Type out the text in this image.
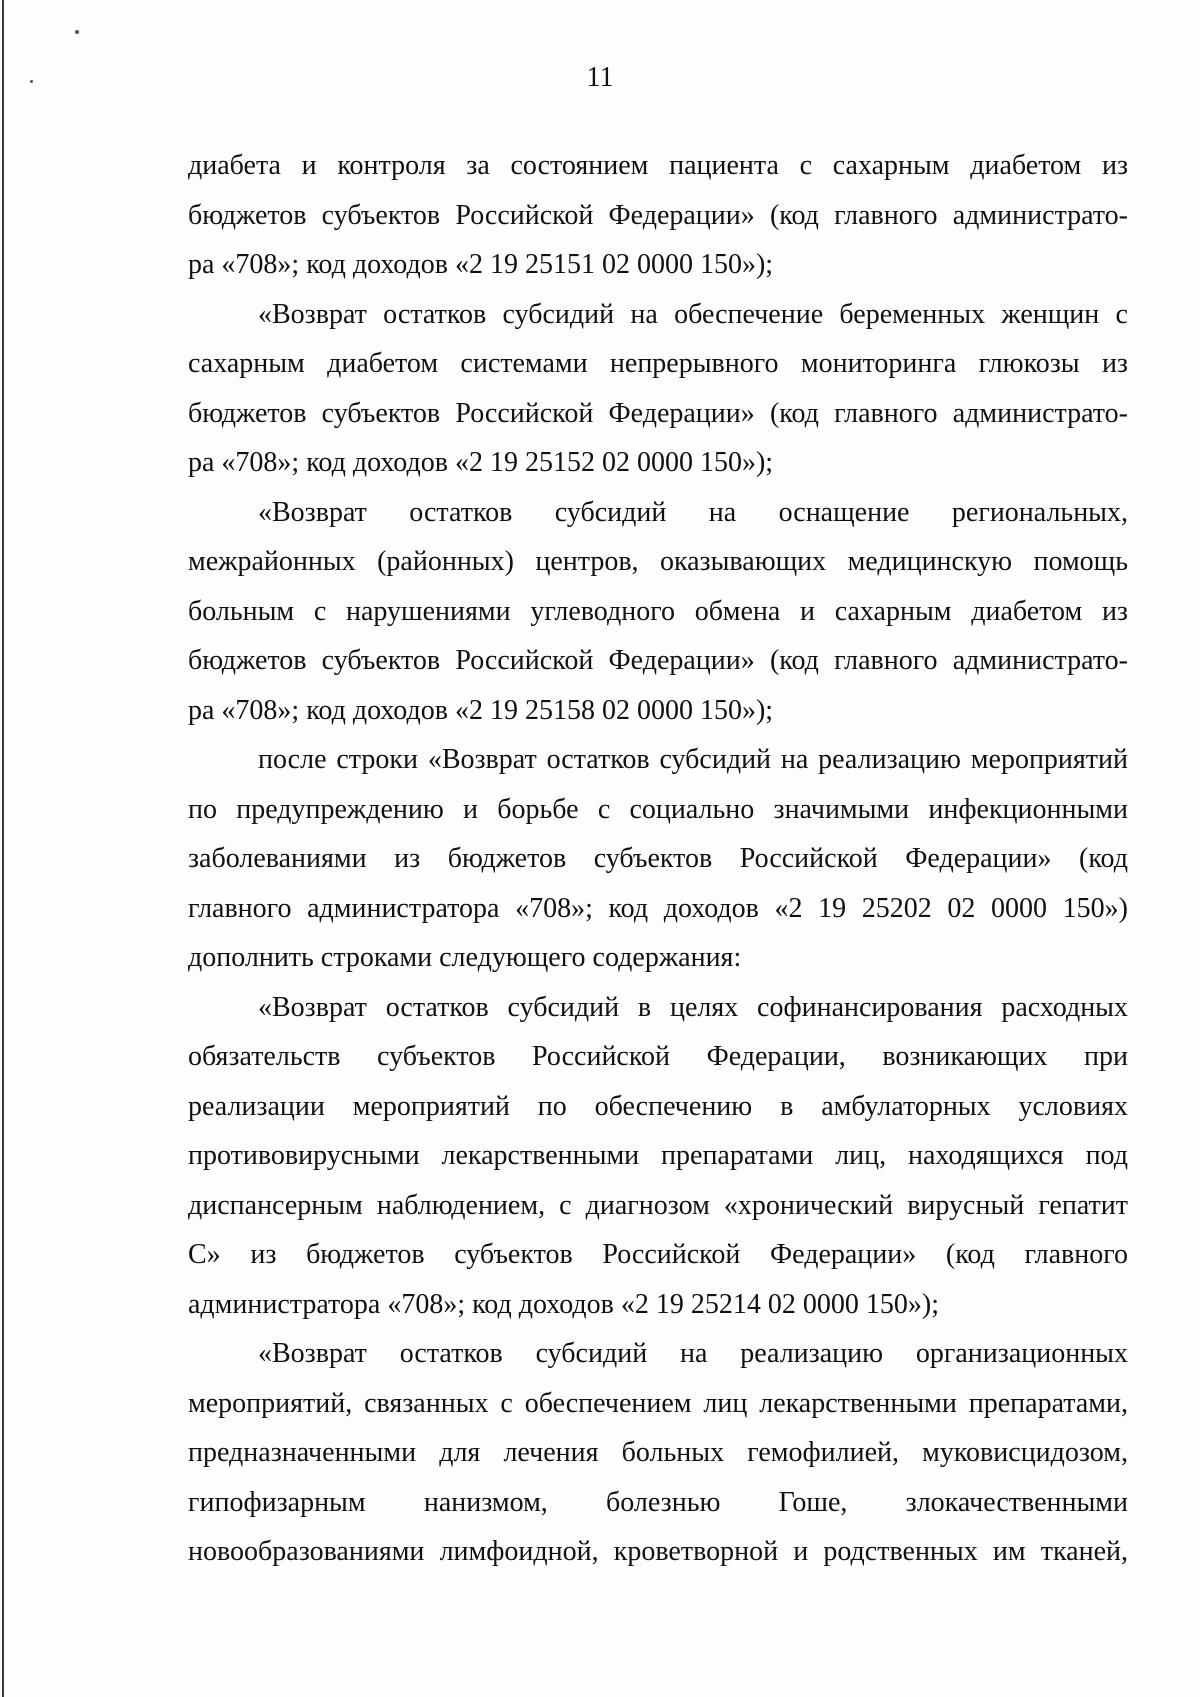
11

диабета и контроля за состоянием пациента с сахарным диабетом из
бюджетов субъектов Российской Федерации» (код главного администрато-
ра «708»; код доходов «2 19 25151 02 0000 150»);

«Возврат остатков субсидий на обеспечение беременных женщин с
сахарным диабетом системами непрерывного мониторинга глюкозы из
бюджетов субъектов Российской Федерации» (код главного администрато-
ра «708»; код доходов «2 19 25152 02 0000 150»);

«Возврат остатков субсидий на оснащение региональных,
межрайонных (районных) центров, оказывающих медицинскую помощь
больным с нарушениями углеводного обмена и сахарным диабетом из
бюджетов субъектов Российской Федерации» (код главного администрато-
ра «708»; код доходов «2 19 25158 02 0000 150»);

после строки «Возврат остатков субсидий на реализацию мероприятий
по предупреждению и борьбе с социально значимыми инфекционными
заболеваниями из бюджетов субъектов Российской Федерации» (код
главного администратора «708»; код доходов «2 19 25202 02 0000 150»)
дополнить строками следующего содержания:

«Возврат остатков субсидий в целях софинансирования расходных
обязательств субъектов Российской Федерации, возникающих при
реализации мероприятий по обеспечению в амбулаторных условиях
противовирусными лекарственными препаратами лиц, находящихся под
диспансерным наблюдением, с диагнозом «хронический вирусный гепатит
С» из бюджетов субъектов Российской Федерации» (код главного
администратора «708»; код доходов «2 19 25214 02 0000 150»);

«Возврат остатков субсидий на реализацию организационных
мероприятий, связанных с обеспечением лиц лекарственными препаратами,
предназначенными для лечения больных гемофилией, муковисцидозом,
гипофизарным нанизмом, болезнью Гоше, злокачественными
новообразованиями лимфоидной, кроветворной и родственных им тканей,
